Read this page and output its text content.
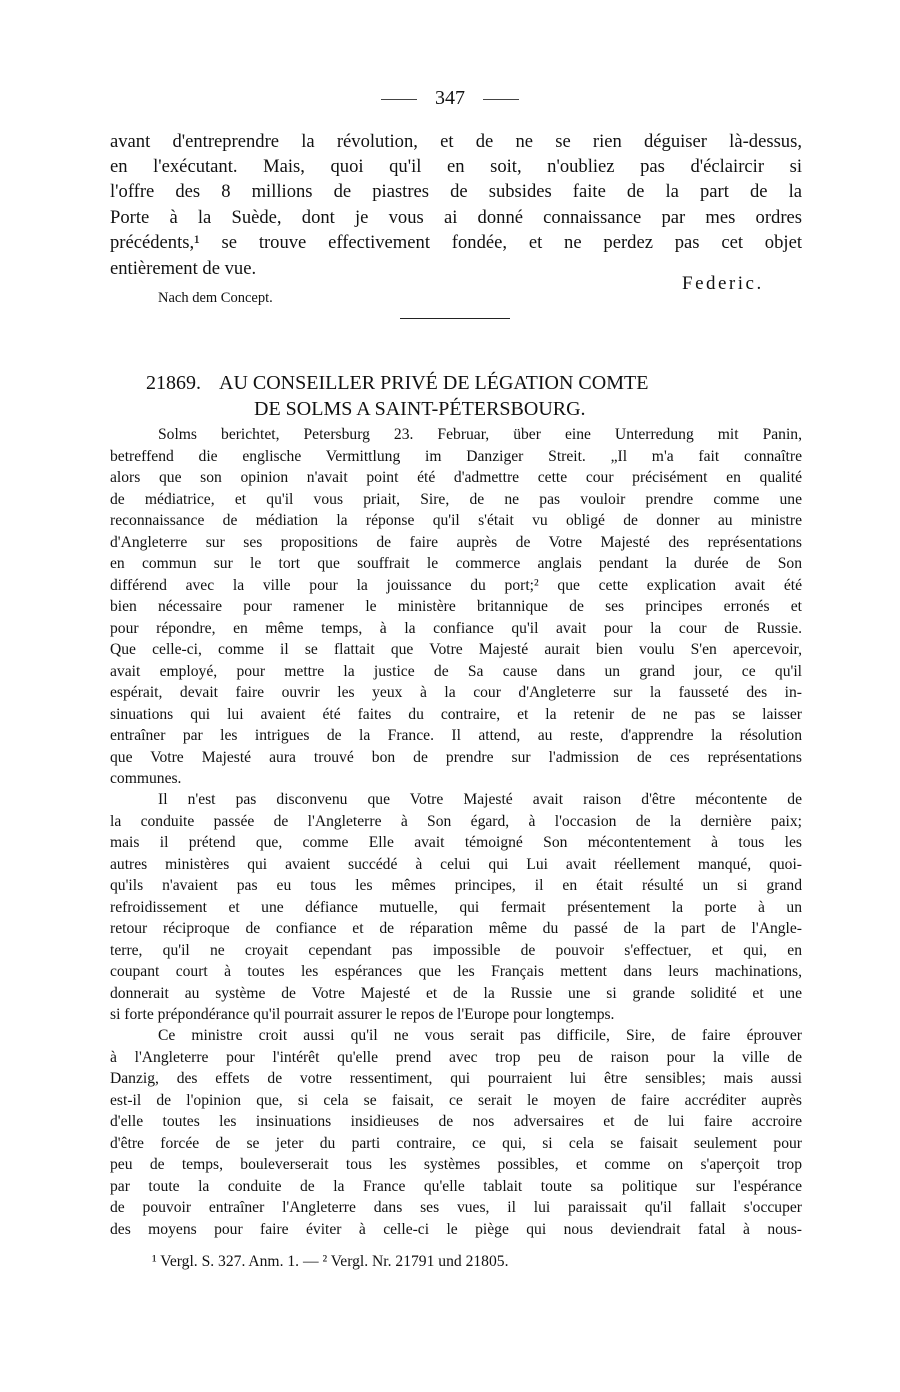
347
avant d'entreprendre la révolution, et de ne se rien déguiser là-dessus,
en l'exécutant. Mais, quoi qu'il en soit, n'oubliez pas d'éclaircir si
l'offre des 8 millions de piastres de subsides faite de la part de la
Porte à la Suède, dont je vous ai donné connaissance par mes ordres
précédents,¹ se trouve effectivement fondée, et ne perdez pas cet objet
entièrement de vue.
Federic.
Nach dem Concept.
21869. AU CONSEILLER PRIVÉ DE LÉGATION COMTE
DE SOLMS A SAINT-PÉTERSBOURG.
Solms berichtet, Petersburg 23. Februar, über eine Unterredung mit Panin,
betreffend die englische Vermittlung im Danziger Streit. „Il m'a fait connaître
alors que son opinion n'avait point été d'admettre cette cour précisément en qualité
de médiatrice, et qu'il vous priait, Sire, de ne pas vouloir prendre comme une
reconnaissance de médiation la réponse qu'il s'était vu obligé de donner au ministre
d'Angleterre sur ses propositions de faire auprès de Votre Majesté des représentations
en commun sur le tort que souffrait le commerce anglais pendant la durée de Son
différend avec la ville pour la jouissance du port;² que cette explication avait été
bien nécessaire pour ramener le ministère britannique de ses principes erronés et
pour répondre, en même temps, à la confiance qu'il avait pour la cour de Russie.
Que celle-ci, comme il se flattait que Votre Majesté aurait bien voulu S'en apercevoir,
avait employé, pour mettre la justice de Sa cause dans un grand jour, ce qu'il
espérait, devait faire ouvrir les yeux à la cour d'Angleterre sur la fausseté des in-
sinuations qui lui avaient été faites du contraire, et la retenir de ne pas se laisser
entraîner par les intrigues de la France. Il attend, au reste, d'apprendre la résolution
que Votre Majesté aura trouvé bon de prendre sur l'admission de ces représentations
communes.
Il n'est pas disconvenu que Votre Majesté avait raison d'être mécontente de
la conduite passée de l'Angleterre à Son égard, à l'occasion de la dernière paix;
mais il prétend que, comme Elle avait témoigné Son mécontentement à tous les
autres ministères qui avaient succédé à celui qui Lui avait réellement manqué, quoi-
qu'ils n'avaient pas eu tous les mêmes principes, il en était résulté un si grand
refroidissement et une défiance mutuelle, qui fermait présentement la porte à un
retour réciproque de confiance et de réparation même du passé de la part de l'Angle-
terre, qu'il ne croyait cependant pas impossible de pouvoir s'effectuer, et qui, en
coupant court à toutes les espérances que les Français mettent dans leurs machinations,
donnerait au système de Votre Majesté et de la Russie une si grande solidité et une
si forte prépondérance qu'il pourrait assurer le repos de l'Europe pour longtemps.
Ce ministre croit aussi qu'il ne vous serait pas difficile, Sire, de faire éprouver
à l'Angleterre pour l'intérêt qu'elle prend avec trop peu de raison pour la ville de
Danzig, des effets de votre ressentiment, qui pourraient lui être sensibles; mais aussi
est-il de l'opinion que, si cela se faisait, ce serait le moyen de faire accréditer auprès
d'elle toutes les insinuations insidieuses de nos adversaires et de lui faire accroire
d'être forcée de se jeter du parti contraire, ce qui, si cela se faisait seulement pour
peu de temps, bouleverserait tous les systèmes possibles, et comme on s'aperçoit trop
par toute la conduite de la France qu'elle tablait toute sa politique sur l'espérance
de pouvoir entraîner l'Angleterre dans ses vues, il lui paraissait qu'il fallait s'occuper
des moyens pour faire éviter à celle-ci le piège qui nous deviendrait fatal à nous-
¹ Vergl. S. 327. Anm. 1. — ² Vergl. Nr. 21791 und 21805.
